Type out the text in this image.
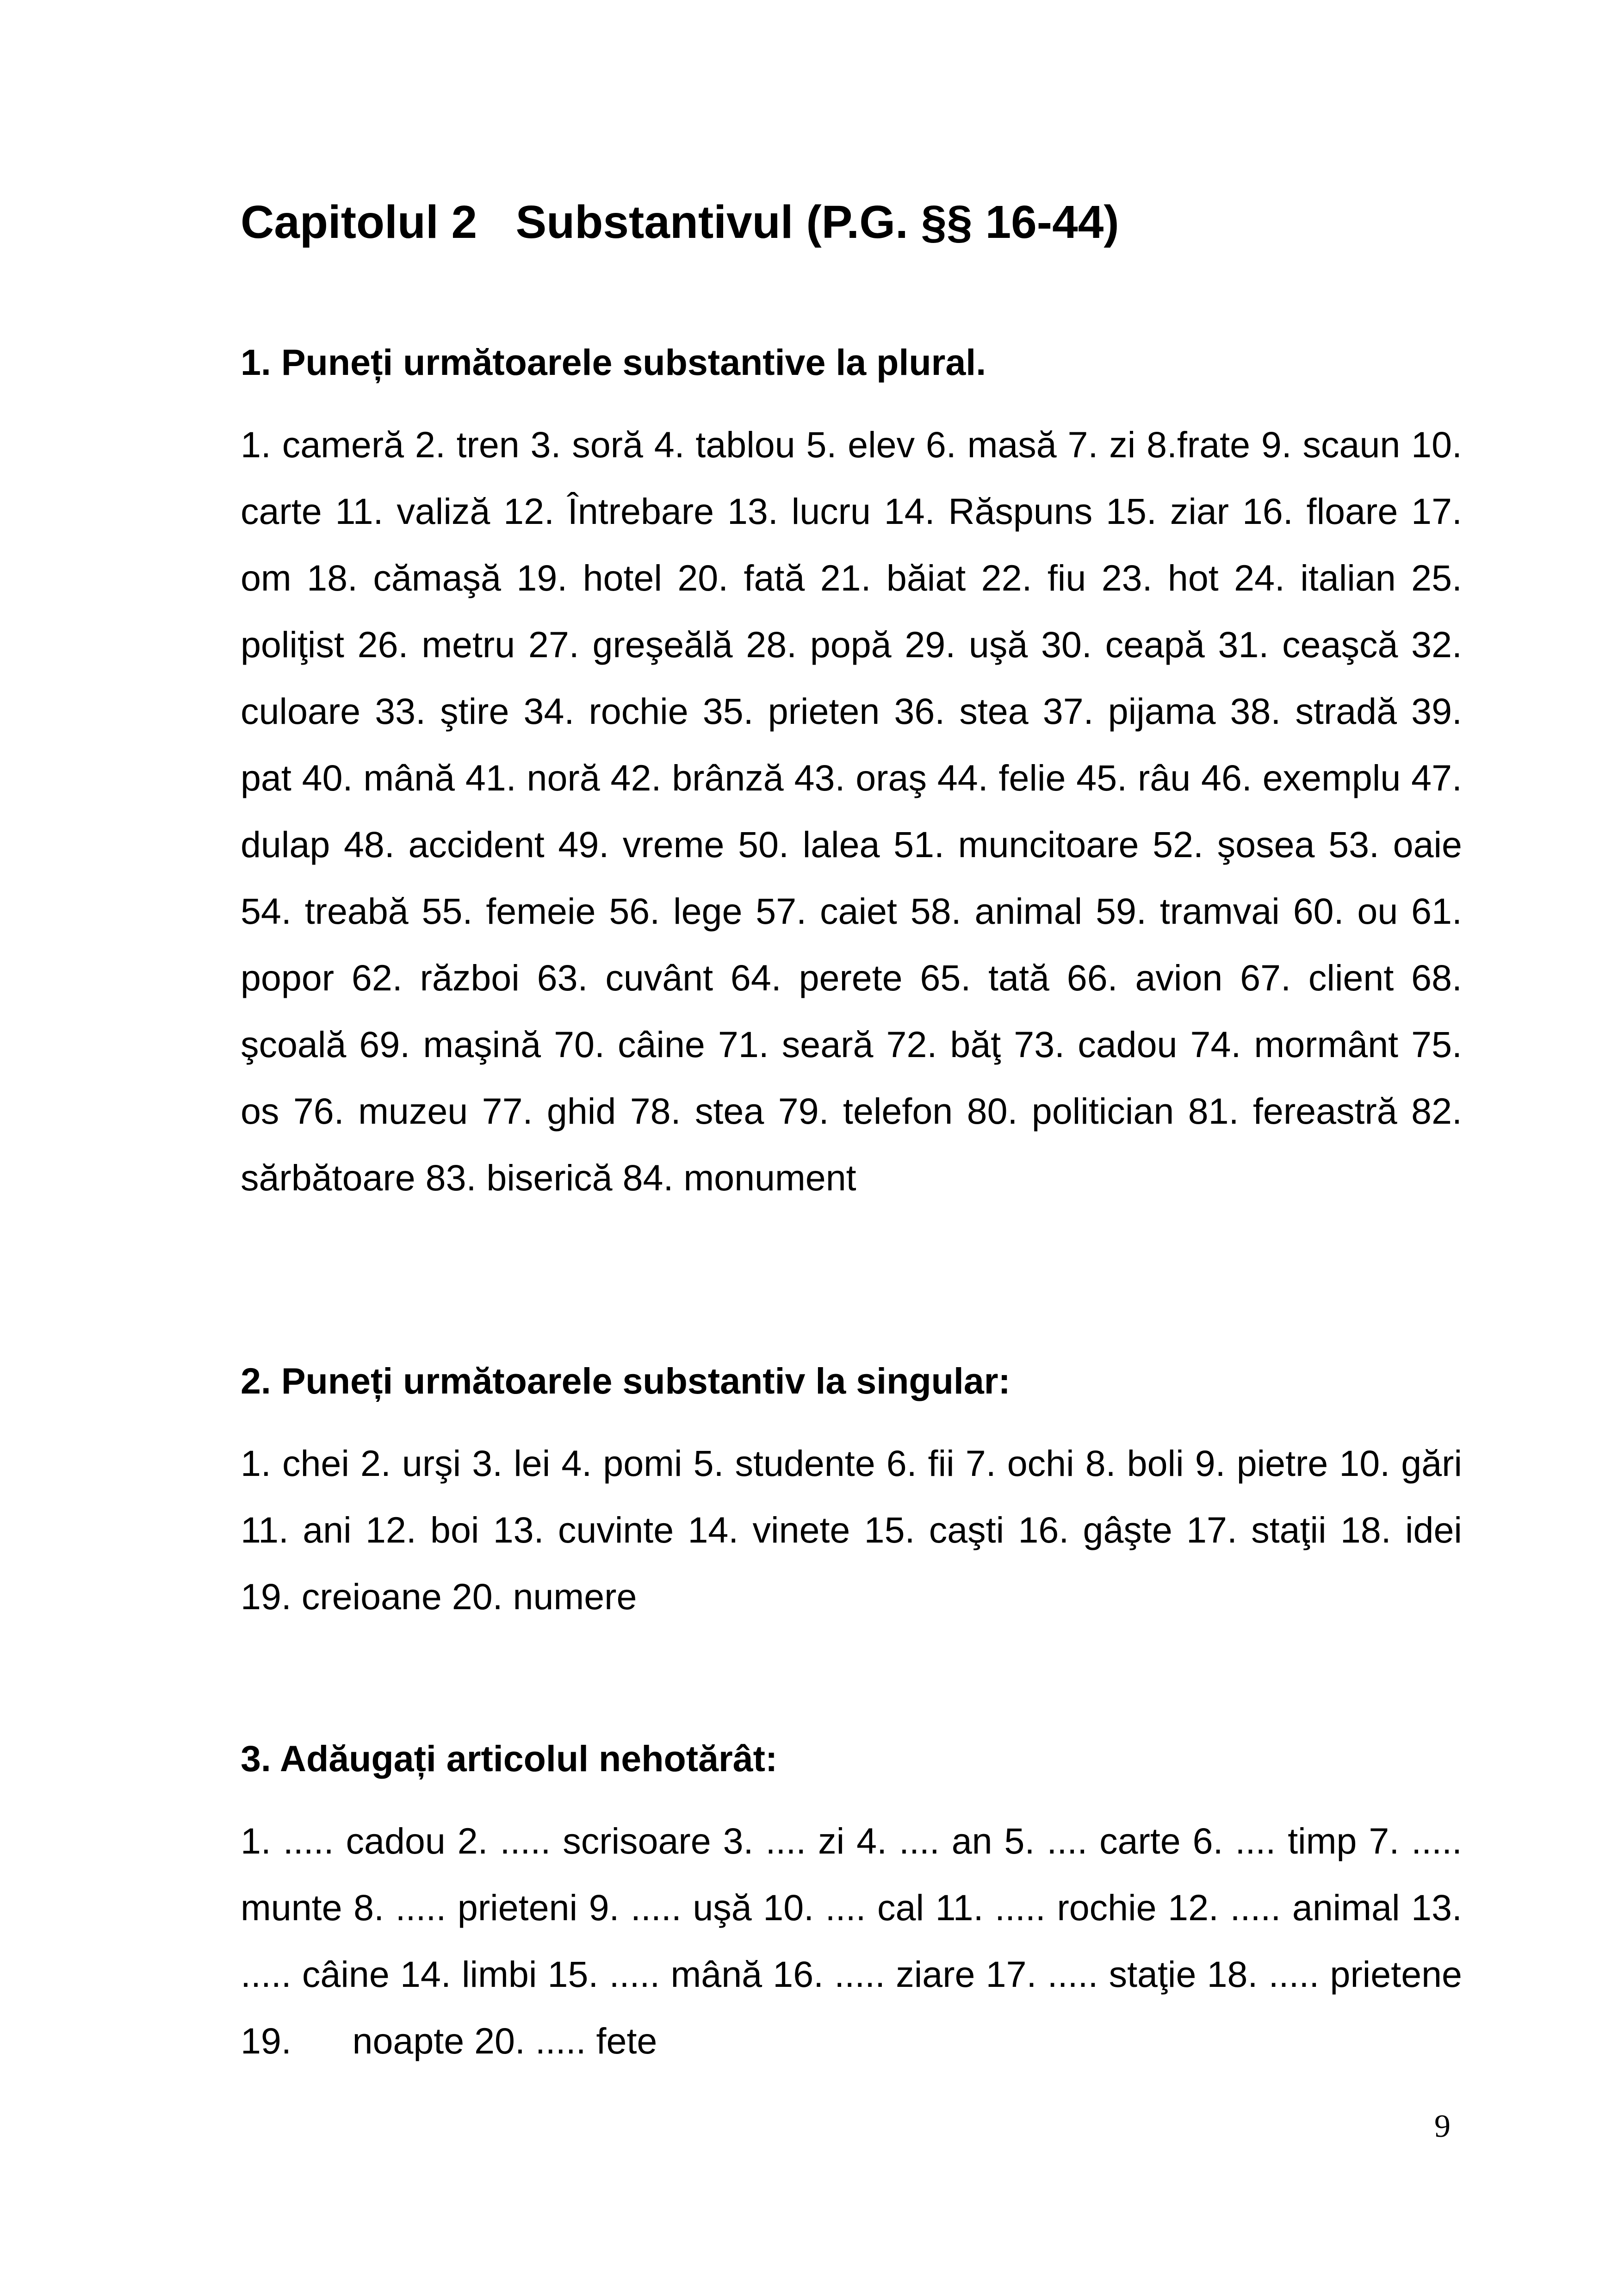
Capitolul 2   Substantivul (P.G. §§ 16-44)
1. Puneți următoarele substantive la plural.

1. cameră 2. tren 3. soră 4. tablou 5. elev 6. masă 7. zi 8.frate 9. scaun 10. carte 11. valiză 12. Întrebare 13. lucru 14. Răspuns 15. ziar 16. floare 17. om 18. cămaşă 19. hotel 20. fată 21. băiat 22. fiu 23. hot 24. italian 25. poliţist 26. metru 27. greşeălă 28. popă 29. uşă 30. ceapă 31. ceaşcă 32. culoare 33. ştire 34. rochie 35. prieten 36. stea 37. pijama 38. stradă 39. pat 40. mână 41. noră 42. brânză 43. oraş 44. felie 45. râu 46. exemplu 47. dulap 48. accident 49. vreme 50. lalea 51. muncitoare 52. şosea 53. oaie 54. treabă 55. femeie 56. lege 57. caiet 58. animal 59. tramvai 60. ou 61. popor 62. război 63. cuvânt 64. perete 65. tată 66. avion 67. client 68. şcoală 69. maşină 70. câine 71. seară 72. băţ 73. cadou 74. mormânt 75. os 76. muzeu 77. ghid 78. stea 79. telefon 80. politician 81. fereastră 82. sărbătoare 83. biserică 84. monument

2. Puneți următoarele substantiv la singular:

1. chei 2. urşi 3. lei 4. pomi 5. studente 6. fii 7. ochi 8. boli 9. pietre 10. gări 11. ani 12. boi 13. cuvinte 14. vinete 15. caşti 16. gâşte 17. staţii 18. idei 19. creioane 20. numere

3. Adăugați articolul nehotărât:

1. ..... cadou 2. ..... scrisoare 3. .... zi 4. .... an 5. .... carte 6. .... timp 7. ..... munte 8. ..... prieteni 9. ..... uşă 10. .... cal 11. ..... rochie 12. ..... animal 13. ..... câine 14. limbi 15. ..... mână 16. ..... ziare 17. ..... staţie 18. ..... prietene 19.      noapte 20. ..... fete

9
